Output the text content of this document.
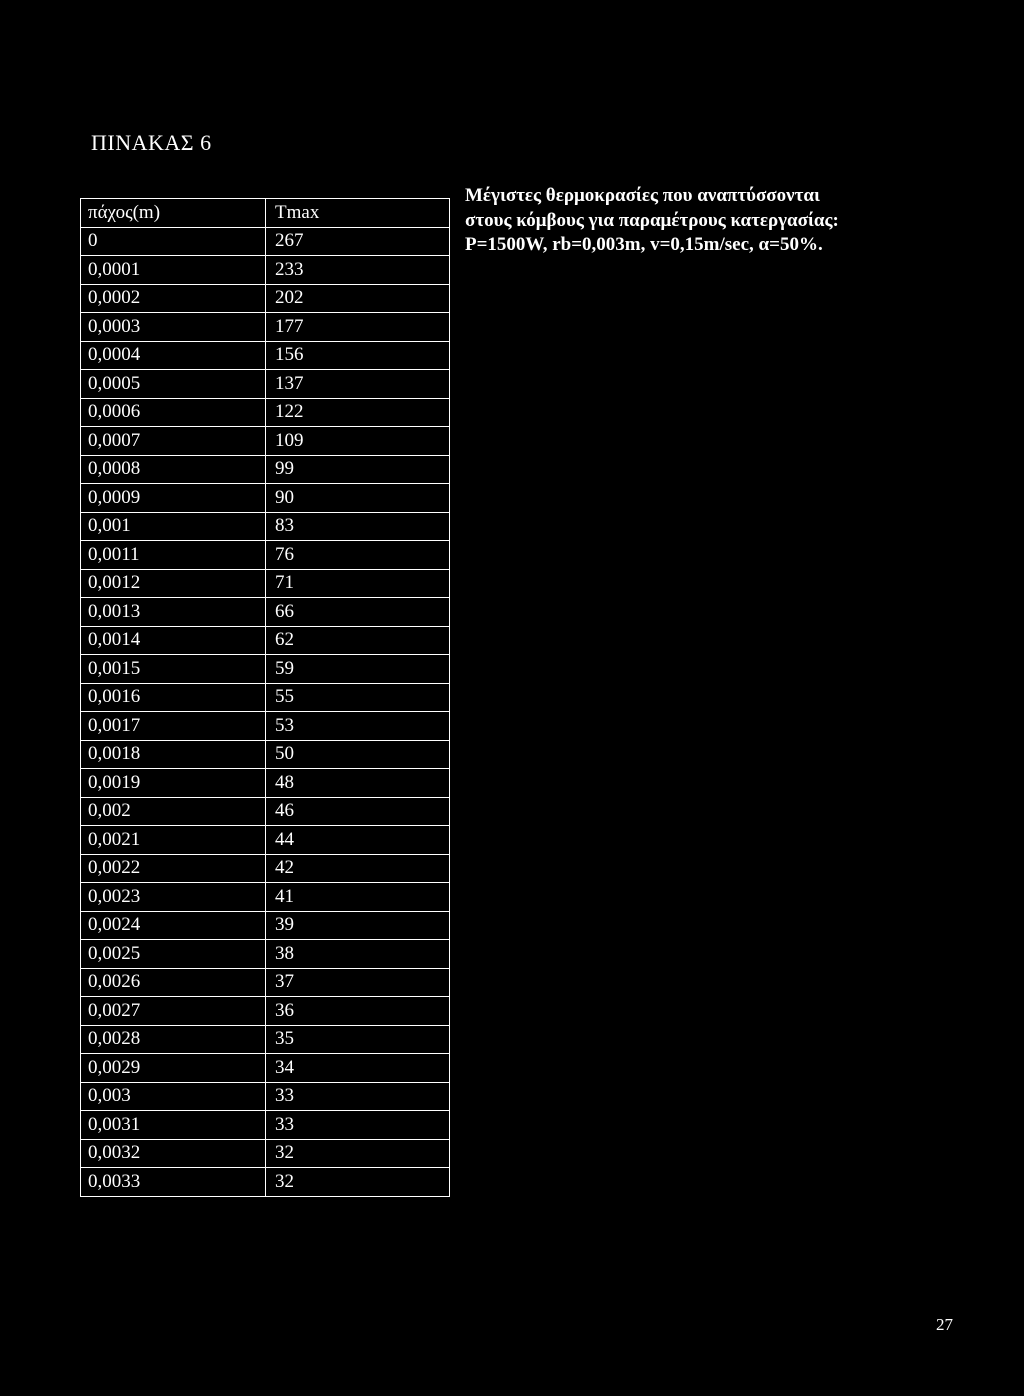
ΠΙΝΑΚΑΣ 6
πάχος(m)	Tmax
0	267
0,0001	233
0,0002	202
0,0003	177
0,0004	156
0,0005	137
0,0006	122
0,0007	109
0,0008	99
0,0009	90
0,001	83
0,0011	76
0,0012	71
0,0013	66
0,0014	62
0,0015	59
0,0016	55
0,0017	53
0,0018	50
0,0019	48
0,002	46
0,0021	44
0,0022	42
0,0023	41
0,0024	39
0,0025	38
0,0026	37
0,0027	36
0,0028	35
0,0029	34
0,003	33
0,0031	33
0,0032	32
0,0033	32
Μέγιστες θερμοκρασίες που αναπτύσσονται
στους κόμβους για παραμέτρους κατεργασίας:
P=1500W, rb=0,003m, v=0,15m/sec, α=50%.
27
